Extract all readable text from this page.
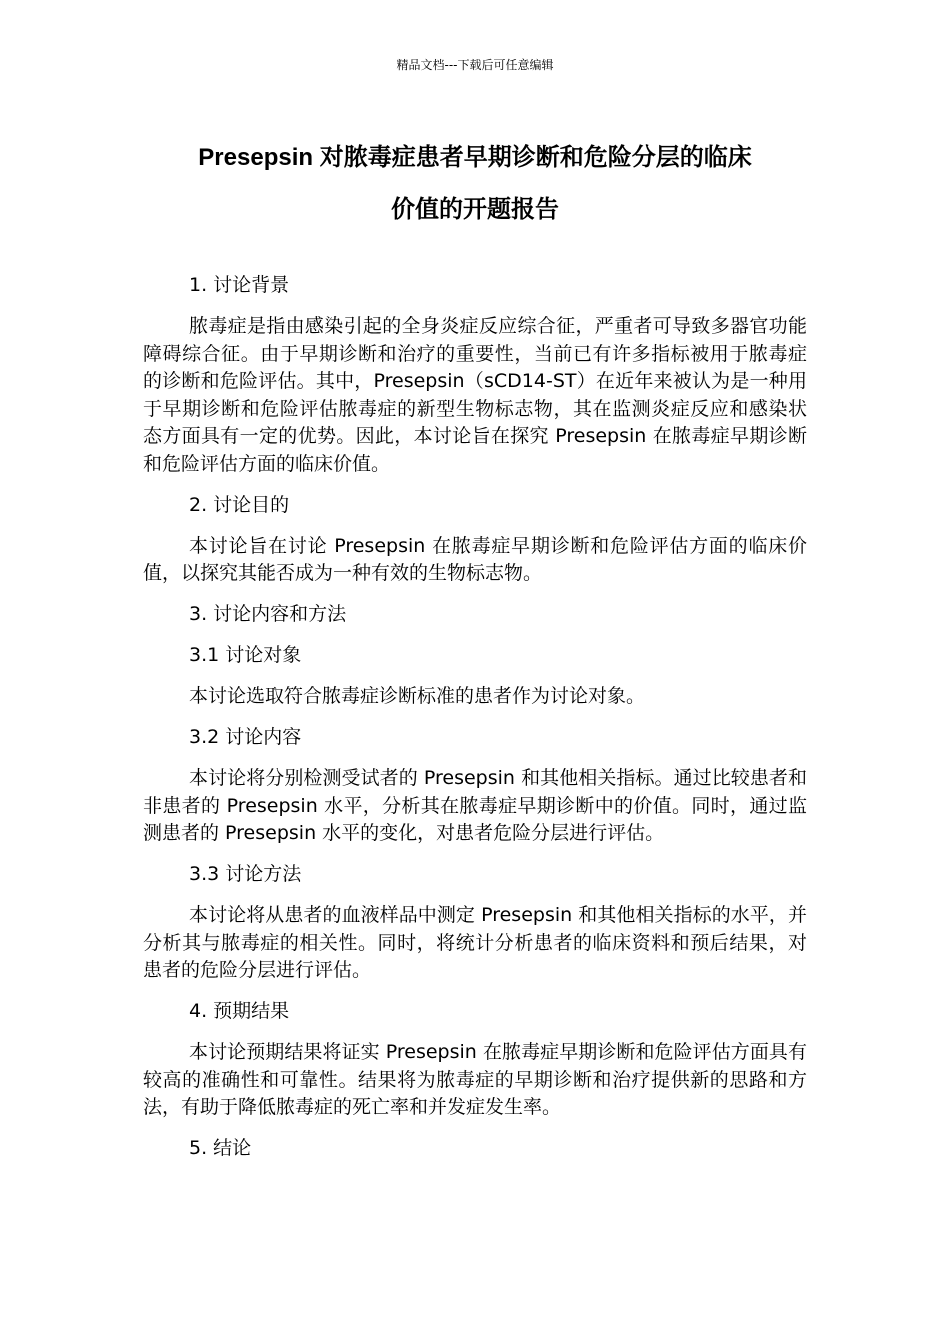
精品文档---下载后可任意编辑
Presepsin 对脓毒症患者早期诊断和危险分层的临床
价值的开题报告

1. 讨论背景

脓毒症是指由感染引起的全身炎症反应综合征，严重者可导致多器官功能障碍综合征。由于早期诊断和治疗的重要性，当前已有许多指标被用于脓毒症的诊断和危险评估。其中，Presepsin（sCD14-ST）在近年来被认为是一种用于早期诊断和危险评估脓毒症的新型生物标志物，其在监测炎症反应和感染状态方面具有一定的优势。因此，本讨论旨在探究 Presepsin 在脓毒症早期诊断和危险评估方面的临床价值。

2. 讨论目的

本讨论旨在讨论 Presepsin 在脓毒症早期诊断和危险评估方面的临床价值，以探究其能否成为一种有效的生物标志物。

3. 讨论内容和方法

3.1 讨论对象

本讨论选取符合脓毒症诊断标准的患者作为讨论对象。

3.2 讨论内容

本讨论将分别检测受试者的 Presepsin 和其他相关指标。通过比较患者和非患者的 Presepsin 水平，分析其在脓毒症早期诊断中的价值。同时，通过监测患者的 Presepsin 水平的变化，对患者危险分层进行评估。

3.3 讨论方法

本讨论将从患者的血液样品中测定 Presepsin 和其他相关指标的水平，并分析其与脓毒症的相关性。同时，将统计分析患者的临床资料和预后结果，对患者的危险分层进行评估。

4. 预期结果

本讨论预期结果将证实 Presepsin 在脓毒症早期诊断和危险评估方面具有较高的准确性和可靠性。结果将为脓毒症的早期诊断和治疗提供新的思路和方法，有助于降低脓毒症的死亡率和并发症发生率。

5. 结论
